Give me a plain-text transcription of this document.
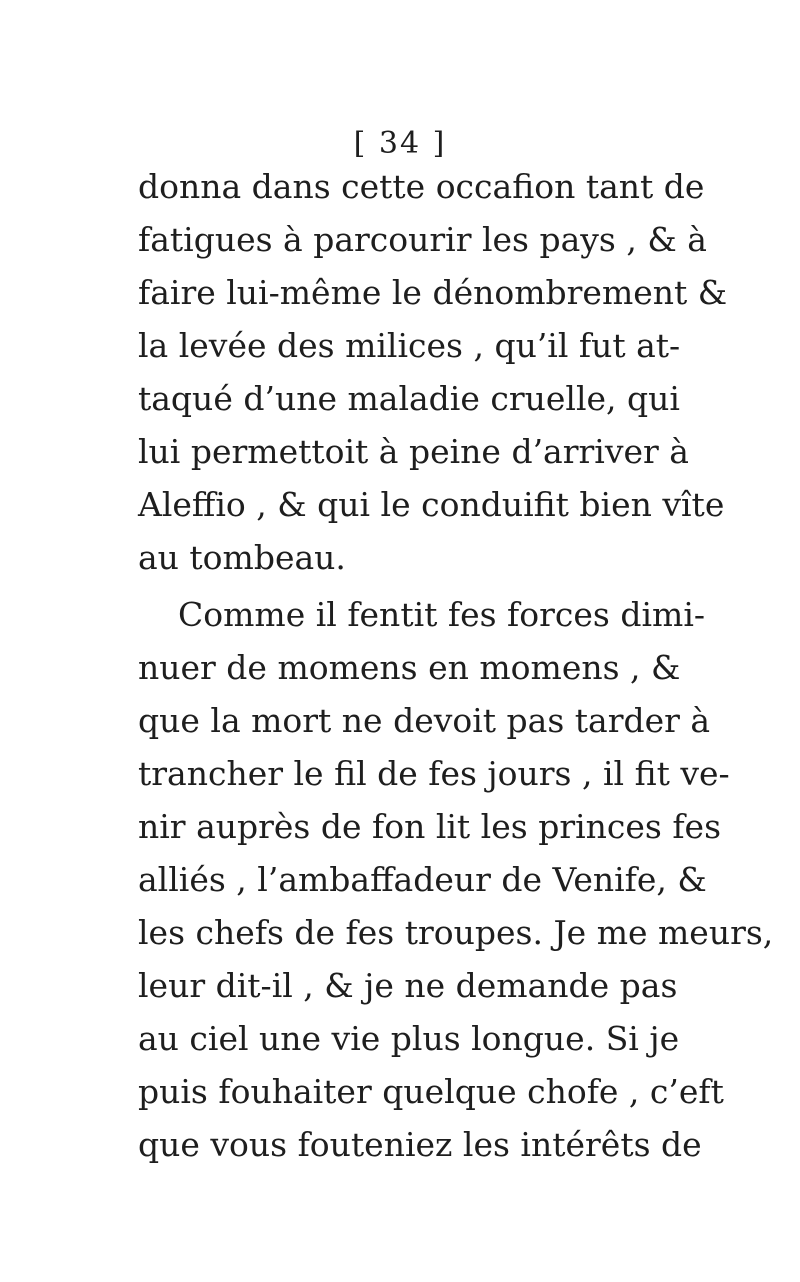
[ 34 ]
donna dans cette occafion tant de
fatigues à parcourir les pays , & à
faire lui-même le dénombrement &
la levée des milices , qu’il fut at-
taqué d’une maladie cruelle, qui
lui permettoit à peine d’arriver à
Aleffio , & qui le conduifit bien vîte
au tombeau.
Comme il fentit fes forces dimi-
nuer de momens en momens , &
que la mort ne devoit pas tarder à
trancher le fil de fes jours , il fit ve-
nir auprès de fon lit les princes fes
alliés , l’ambaffadeur de Venife, &
les chefs de fes troupes. Je me meurs,
leur dit-il , & je ne demande pas
au ciel une vie plus longue. Si je
puis fouhaiter quelque chofe , c’eft
que vous fouteniez les intérêts de
